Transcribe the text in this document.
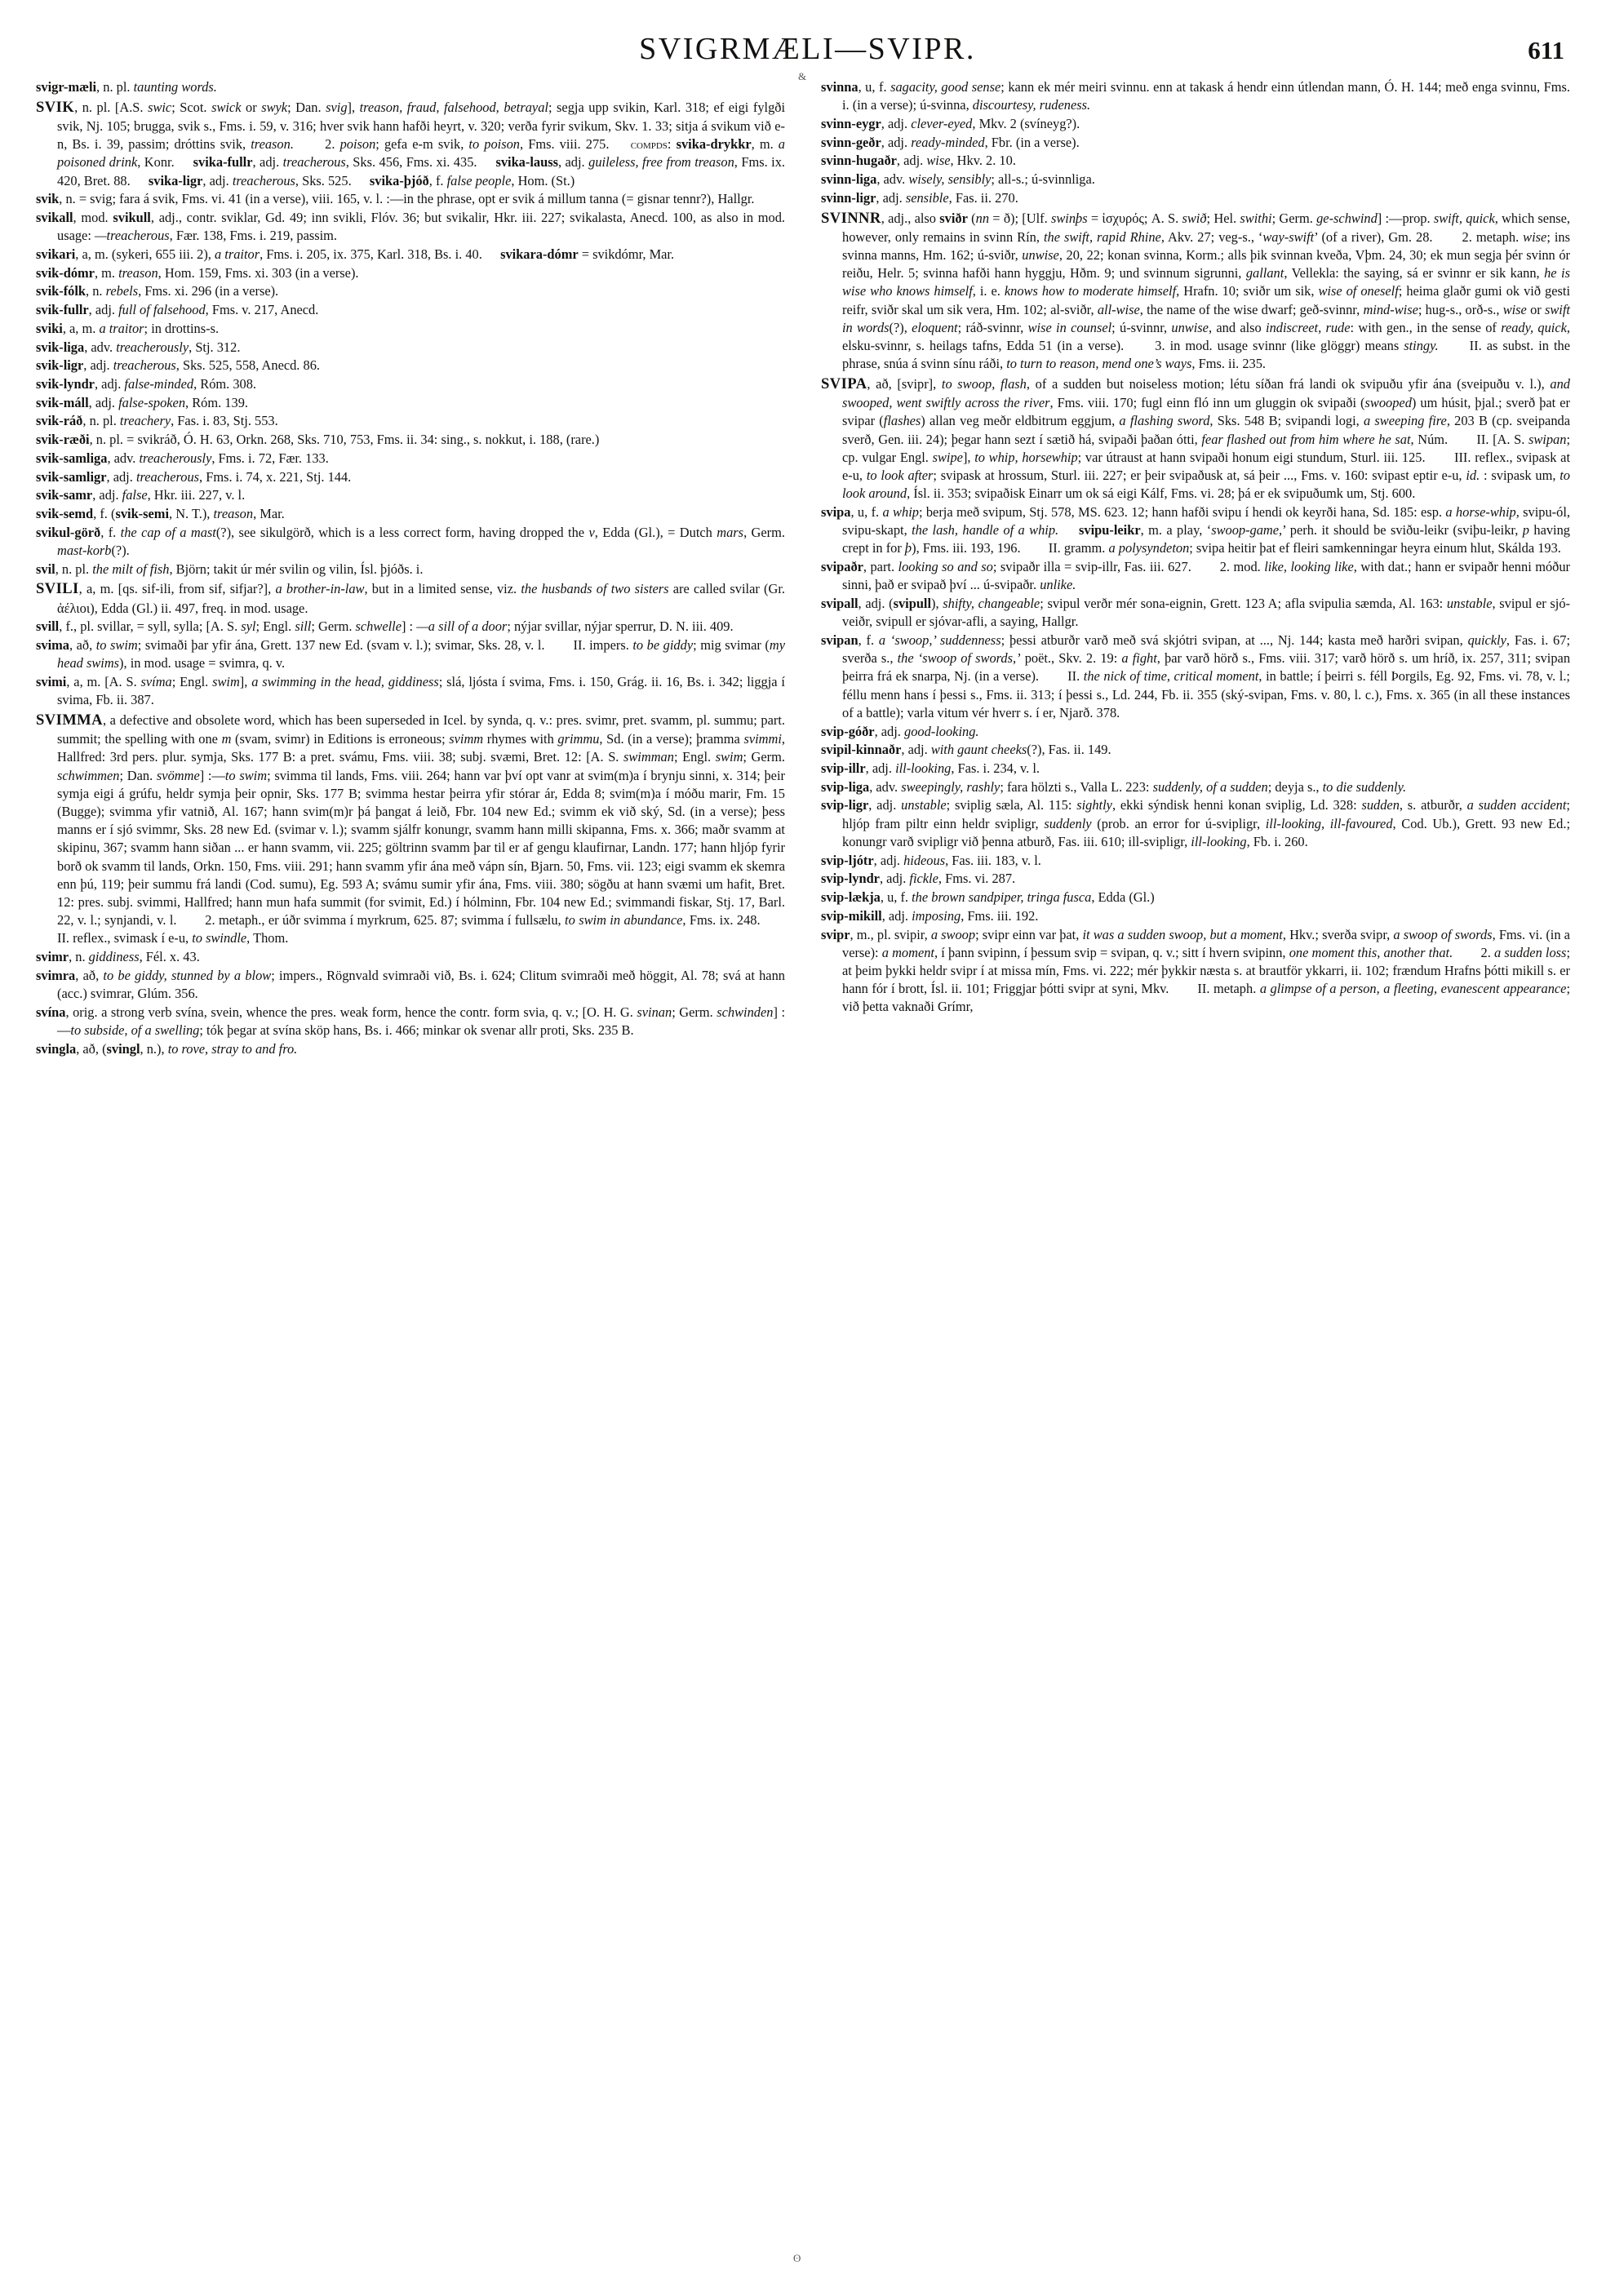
SVIGRMÆLI—SVIPR.	611
&
ʘ

svigr-mæli, n. pl. taunting words.

SVIK, n. pl. [A.S. swic; Scot. swick or swyk; Dan. svig], treason, fraud, falsehood, betrayal; segja upp svikin, Karl. 318; ef eigi fylgði svik, Nj. 105; brugga, svik s., Fms. i. 59, v. 316; hver svik hann hafði heyrt, v. 320; verða fyrir svikum, Skv. 1. 33; sitja á svikum við e-n, Bs. i. 39, passim; dróttins svik, treason.  2. poison; gefa e-m svik, to poison, Fms. viii. 275.  compds: svika-drykkr, m. a poisoned drink, Konr.  svika-fullr, adj. treacherous, Sks. 456, Fms. xi. 435.  svika-lauss, adj. guileless, free from treason, Fms. ix. 420, Bret. 88.  svika-ligr, adj. treacherous, Sks. 525.  svika-þjóð, f. false people, Hom. (St.)

svik, n. = svig; fara á svik, Fms. vi. 41 (in a verse), viii. 165, v. l. :—in the phrase, opt er svik á millum tanna (= gisnar tennr?), Hallgr.

svikall, mod. svikull, adj., contr. sviklar, Gd. 49; inn svikli, Flóv. 36; but svikalir, Hkr. iii. 227; svikalasta, Anecd. 100, as also in mod. usage: —treacherous, Fær. 138, Fms. i. 219, passim.

svikari, a, m. (sykeri, 655 iii. 2), a traitor, Fms. i. 205, ix. 375, Karl. 318, Bs. i. 40.  svikara-dómr = svikdómr, Mar.

svik-dómr, m. treason, Hom. 159, Fms. xi. 303 (in a verse).

svik-fólk, n. rebels, Fms. xi. 296 (in a verse).

svik-fullr, adj. full of falsehood, Fms. v. 217, Anecd.

sviki, a, m. a traitor; in drottins-s.

svik-liga, adv. treacherously, Stj. 312.

svik-ligr, adj. treacherous, Sks. 525, 558, Anecd. 86.

svik-lyndr, adj. false-minded, Róm. 308.

svik-máll, adj. false-spoken, Róm. 139.

svik-ráð, n. pl. treachery, Fas. i. 83, Stj. 553.

svik-ræði, n. pl. = svikráð, Ó. H. 63, Orkn. 268, Sks. 710, 753, Fms. ii. 34: sing., s. nokkut, i. 188, (rare.)

svik-samliga, adv. treacherously, Fms. i. 72, Fær. 133.

svik-samligr, adj. treacherous, Fms. i. 74, x. 221, Stj. 144.

svik-samr, adj. false, Hkr. iii. 227, v. l.

svik-semd, f. (svik-semi, N. T.), treason, Mar.

svikul-görð, f. the cap of a mast(?), see sikulgörð, which is a less correct form, having dropped the v, Edda (Gl.), = Dutch mars, Germ. mast-korb(?).

svil, n. pl. the milt of fish, Björn; takit úr mér svilin og vilin, Ísl. þjóðs. i.

SVILI, a, m. [qs. sif-ili, from sif, sifjar?], a brother-in-law, but in a limited sense, viz. the husbands of two sisters are called svilar (Gr. ἀέλιοι), Edda (Gl.) ii. 497, freq. in mod. usage.

svill, f., pl. svillar, = syll, sylla; [A. S. syl; Engl. sill; Germ. schwelle] : —a sill of a door; nýjar svillar, nýjar sperrur, D. N. iii. 409.

svima, að, to swim; svimaði þar yfir ána, Grett. 137 new Ed. (svam v. l.); svimar, Sks. 28, v. l.  II. impers. to be giddy; mig svimar (my head swims), in mod. usage = svimra, q. v.

svimi, a, m. [A. S. svíma; Engl. swim], a swimming in the head, giddiness; slá, ljósta í svima, Fms. i. 150, Grág. ii. 16, Bs. i. 342; liggja í svima, Fb. ii. 387.

SVIMMA, a defective and obsolete word, which has been superseded in Icel. by synda, q. v.: pres. svimr, pret. svamm, pl. summu; part. summit; the spelling with one m (svam, svimr) in Editions is erroneous; svimm rhymes with grimmu, Sd. (in a verse); þramma svimmi, Hallfred: 3rd pers. plur. symja, Sks. 177 B: a pret. svámu, Fms. viii. 38; subj. svæmi, Bret. 12: [A. S. swimman; Engl. swim; Germ. schwimmen; Dan. svömme] :—to swim; svimma til lands, Fms. viii. 264; hann var því opt vanr at svim(m)a í brynju sinni, x. 314; þeir symja eigi á grúfu, heldr symja þeir opnir, Sks. 177 B; svimma hestar þeirra yfir stórar ár, Edda 8; svim(m)a í móðu marir, Fm. 15 (Bugge); svimma yfir vatnið, Al. 167; hann svim(m)r þá þangat á leið, Fbr. 104 new Ed.; svimm ek við ský, Sd. (in a verse); þess manns er í sjó svimmr, Sks. 28 new Ed. (svimar v. l.); svamm sjálfr konungr, svamm hann milli skipanna, Fms. x. 366; maðr svamm at skipinu, 367; svamm hann siðan ... er hann svamm, vii. 225; göltrinn svamm þar til er af gengu klaufirnar, Landn. 177; hann hljóp fyrir borð ok svamm til lands, Orkn. 150, Fms. viii. 291; hann svamm yfir ána með vápn sín, Bjarn. 50, Fms. vii. 123; eigi svamm ek skemra enn þú, 119; þeir summu frá landi (Cod. sumu), Eg. 593 A; svámu sumir yfir ána, Fms. viii. 380; sögðu at hann svæmi um hafit, Bret. 12: pres. subj. svimmi, Hallfred; hann mun hafa summit (for svimit, Ed.) í hólminn, Fbr. 104 new Ed.; svimmandi fiskar, Stj. 17, Barl. 22, v. l.; synjandi, v. l.  2. metaph., er úðr svimma í myrkrum, 625. 87; svimma í fullsælu, to swim in abundance, Fms. ix. 248.  II. reflex., svimask í e-u, to swindle, Thom.

svimr, n. giddiness, Fél. x. 43.

svimra, að, to be giddy, stunned by a blow; impers., Rögnvald svimraði við, Bs. i. 624; Clitum svimraði með höggit, Al. 78; svá at hann (acc.) svimrar, Glúm. 356.

svína, orig. a strong verb svína, svein, whence the pres. weak form, hence the contr. form svia, q. v.; [O. H. G. svinan; Germ. schwinden] :—to subside, of a swelling; tók þegar at svína sköp hans, Bs. i. 466; minkar ok svenar allr proti, Sks. 235 B.

svingla, að, (svingl, n.), to rove, stray to and fro.

svinna, u, f. sagacity, good sense; kann ek mér meiri svinnu. enn at takask á hendr einn útlendan mann, Ó. H. 144; með enga svinnu, Fms. i. (in a verse); ú-svinna, discourtesy, rudeness.

svinn-eygr, adj. clever-eyed, Mkv. 2 (svíneyg?).

svinn-geðr, adj. ready-minded, Fbr. (in a verse).

svinn-hugaðr, adj. wise, Hkv. 2. 10.

svinn-liga, adv. wisely, sensibly; all-s.; ú-svinnliga.

svinn-ligr, adj. sensible, Fas. ii. 270.

SVINNR, adj., also sviðr (nn = ð); [Ulf. swinþs = ἰσχυρός; A. S. swið; Hel. swithi; Germ. ge-schwind] :—prop. swift, quick, which sense, however, only remains in svinn Rín, the swift, rapid Rhine, Akv. 27; veg-s., ‘way-swift’ (of a river), Gm. 28.  2. metaph. wise; ins svinna manns, Hm. 162; ú-sviðr, unwise, 20, 22; konan svinna, Korm.; alls þik svinnan kveða, Vþm. 24, 30; ek mun segja þér svinn ór reiðu, Helr. 5; svinna hafði hann hyggju, Hðm. 9; und svinnum sigrunni, gallant, Vellekla: the saying, sá er svinnr er sik kann, he is wise who knows himself, i. e. knows how to moderate himself, Hrafn. 10; sviðr um sik, wise of oneself; heima glaðr gumi ok við gesti reifr, sviðr skal um sik vera, Hm. 102; al-sviðr, all-wise, the name of the wise dwarf; geð-svinnr, mind-wise; hug-s., orð-s., wise or swift in words(?), eloquent; ráð-svinnr, wise in counsel; ú-svinnr, unwise, and also indiscreet, rude: with gen., in the sense of ready, quick, elsku-svinnr, s. heilags tafns, Edda 51 (in a verse).  3. in mod. usage svinnr (like glöggr) means stingy.  II. as subst. in the phrase, snúa á svinn sínu ráði, to turn to reason, mend one’s ways, Fms. ii. 235.

SVIPA, að, [svipr], to swoop, flash, of a sudden but noiseless motion; létu síðan frá landi ok svipuðu yfir ána (sveipuðu v. l.), and swooped, went swiftly across the river, Fms. viii. 170; fugl einn fló inn um gluggin ok svipaði (swooped) um húsit, þjal.; sverð þat er svipar (flashes) allan veg meðr eldbitrum eggjum, a flashing sword, Sks. 548 B; svipandi logi, a sweeping fire, 203 B (cp. sveipanda sverð, Gen. iii. 24); þegar hann sezt í sætið há, svipaði þaðan ótti, fear flashed out from him where he sat, Núm.  II. [A. S. swipan; cp. vulgar Engl. swipe], to whip, horsewhip; var útraust at hann svipaði honum eigi stundum, Sturl. iii. 125.  III. reflex., svipask at e-u, to look after; svipask at hrossum, Sturl. iii. 227; er þeir svipaðusk at, sá þeir ..., Fms. v. 160: svipast eptir e-u, id. : svipask um, to look around, Ísl. ii. 353; svipaðisk Einarr um ok sá eigi Kálf, Fms. vi. 28; þá er ek svipuðumk um, Stj. 600.

svipa, u, f. a whip; berja með svipum, Stj. 578, MS. 623. 12; hann hafði svipu í hendi ok keyrði hana, Sd. 185: esp. a horse-whip, svipu-ól, svipu-skapt, the lash, handle of a whip. svipu-leikr, m. a play, ‘swoop-game,’ perh. it should be sviðu-leikr (sviþu-leikr, p having crept in for þ), Fms. iii. 193, 196.  II. gramm. a polysyndeton; svipa heitir þat ef fleiri samkenningar heyra einum hlut, Skálda 193.

svipaðr, part. looking so and so; svipaðr illa = svip-illr, Fas. iii. 627.  2. mod. like, looking like, with dat.; hann er svipaðr henni móður sinni, það er svipað því ... ú-svipaðr. unlike.

svipall, adj. (svipull), shifty, changeable; svipul verðr mér sona-eignin, Grett. 123 A; afla svipulia sæmda, Al. 163: unstable, svipul er sjó-veiðr, svipull er sjóvar-afli, a saying, Hallgr.

svipan, f. a ‘swoop,’ suddenness; þessi atburðr varð með svá skjótri svipan, at ..., Nj. 144; kasta með harðri svipan, quickly, Fas. i. 67; sverða s., the ‘swoop of swords,’ poët., Skv. 2. 19: a fight, þar varð hörð s., Fms. viii. 317; varð hörð s. um hríð, ix. 257, 311; svipan þeirra frá ek snarpa, Nj. (in a verse).  II. the nick of time, critical moment, in battle; í þeirri s. féll Þorgils, Eg. 92, Fms. vi. 78, v. l.; féllu menn hans í þessi s., Fms. ii. 313; í þessi s., Ld. 244, Fb. ii. 355 (ský-svipan, Fms. v. 80, l. c.), Fms. x. 365 (in all these instances of a battle); varla vitum vér hverr s. í er, Njarð. 378.

svip-góðr, adj. good-looking.

svipil-kinnaðr, adj. with gaunt cheeks(?), Fas. ii. 149.

svip-illr, adj. ill-looking, Fas. i. 234, v. l.

svip-liga, adv. sweepingly, rashly; fara hölzti s., Valla L. 223: suddenly, of a sudden; deyja s., to die suddenly.

svip-ligr, adj. unstable; sviplig sæla, Al. 115: sightly, ekki sýndisk henni konan sviplig, Ld. 328: sudden, s. atburðr, a sudden accident; hljóp fram piltr einn heldr svipligr, suddenly (prob. an error for ú-svipligr, ill-looking, ill-favoured, Cod. Ub.), Grett. 93 new Ed.; konungr varð svipligr við þenna atburð, Fas. iii. 610; ill-svipligr, ill-looking, Fb. i. 260.

svip-ljótr, adj. hideous, Fas. iii. 183, v. l.

svip-lyndr, adj. fickle, Fms. vi. 287.

svip-lækja, u, f. the brown sandpiper, tringa fusca, Edda (Gl.)

svip-mikill, adj. imposing, Fms. iii. 192.

svipr, m., pl. svipir, a swoop; svipr einn var þat, it was a sudden swoop, but a moment, Hkv.; sverða svipr, a swoop of swords, Fms. vi. (in a verse): a moment, í þann svipinn, í þessum svip = svipan, q. v.; sitt í hvern svipinn, one moment this, another that.  2. a sudden loss; at þeim þykki heldr svipr í at missa mín, Fms. vi. 222; mér þykkir næsta s. at brautför ykkarri, ii. 102; frændum Hrafns þótti mikill s. er hann fór í brott, Ísl. ii. 101; Friggjar þótti svipr at syni, Mkv.  II. metaph. a glimpse of a person, a fleeting, evanescent appearance; við þetta vaknaði Grímr,
